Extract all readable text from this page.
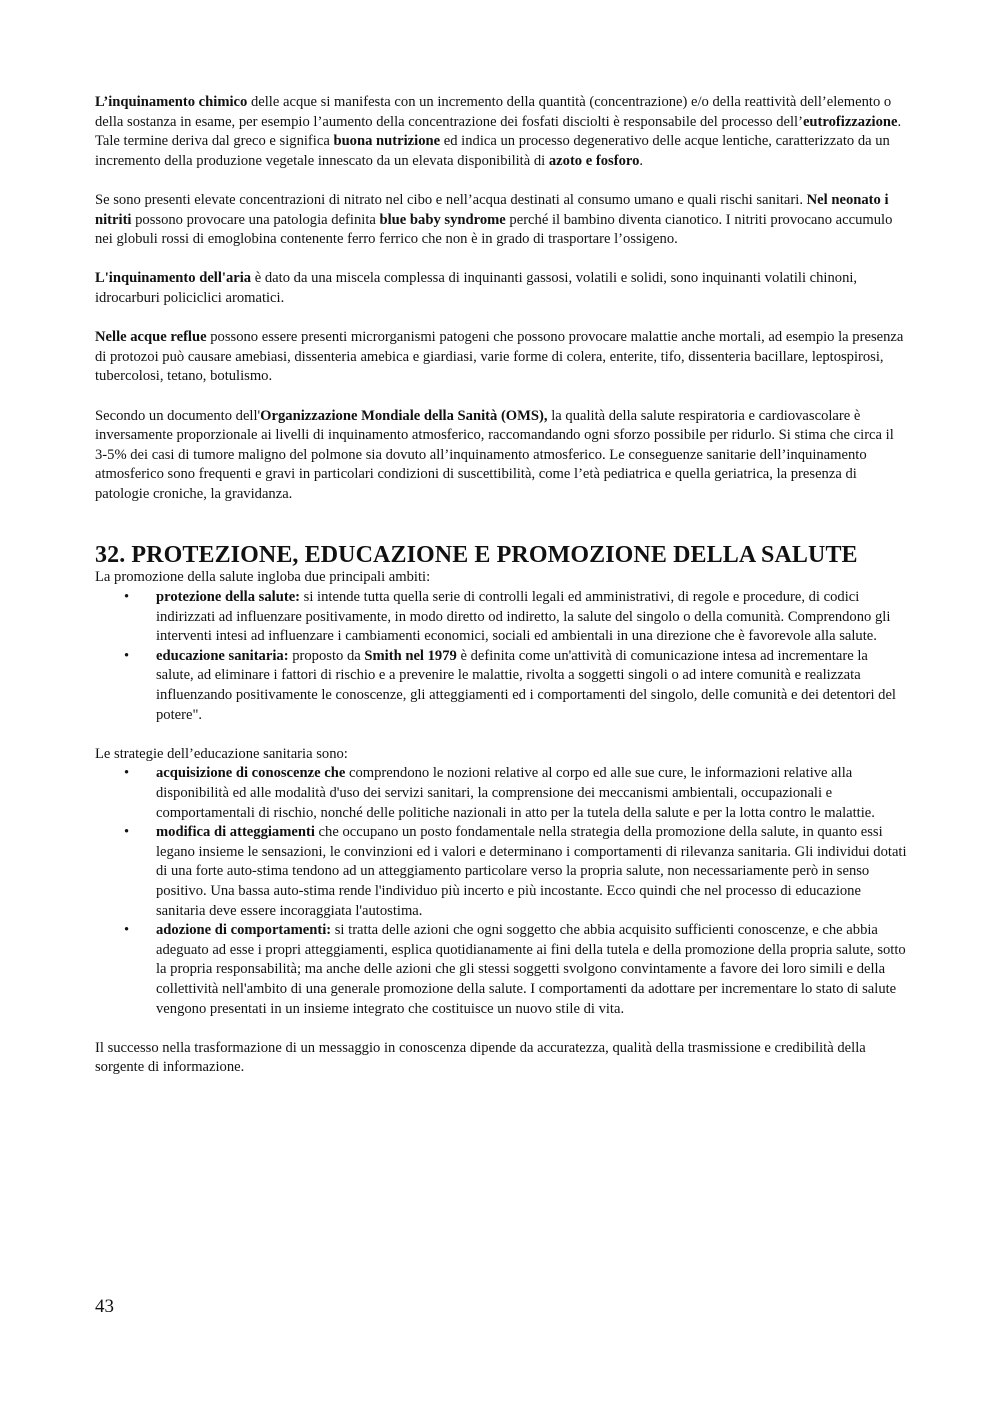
L’inquinamento chimico delle acque si manifesta con un incremento della quantità (concentrazione) e/o della reattività dell’elemento o della sostanza in esame, per esempio l’aumento della concentrazione dei fosfati disciolti è responsabile del processo dell’eutrofizzazione. Tale termine deriva dal greco e significa buona nutrizione ed indica un processo degenerativo delle acque lentiche, caratterizzato da un incremento della produzione vegetale innescato da un elevata disponibilità di azoto e fosforo.

Se sono presenti elevate concentrazioni di nitrato nel cibo e nell’acqua destinati al consumo umano e quali rischi sanitari. Nel neonato i nitriti possono provocare una patologia definita blue baby syndrome perché il bambino diventa cianotico. I nitriti provocano accumulo nei globuli rossi di emoglobina contenente ferro ferrico che non è in grado di trasportare l’ossigeno.

L'inquinamento dell'aria è dato da una miscela complessa di inquinanti gassosi, volatili e solidi, sono inquinanti volatili chinoni, idrocarburi policiclici aromatici.

Nelle acque reflue possono essere presenti microrganismi patogeni che possono provocare malattie anche mortali, ad esempio la presenza di protozoi può causare amebiasi, dissenteria amebica e giardiasi, varie forme di colera, enterite, tifo, dissenteria bacillare, leptospirosi, tubercolosi, tetano, botulismo.

Secondo un documento dell'Organizzazione Mondiale della Sanità (OMS), la qualità della salute respiratoria e cardiovascolare è inversamente proporzionale ai livelli di inquinamento atmosferico, raccomandando ogni sforzo possibile per ridurlo. Si stima che circa il 3-5% dei casi di tumore maligno del polmone sia dovuto all’inquinamento atmosferico. Le conseguenze sanitarie dell’inquinamento atmosferico sono frequenti e gravi in particolari condizioni di suscettibilità, come l’età pediatrica e quella geriatrica, la presenza di patologie croniche, la gravidanza.

32. PROTEZIONE, EDUCAZIONE E PROMOZIONE DELLA SALUTE

La promozione della salute ingloba due principali ambiti:

• protezione della salute: si intende tutta quella serie di controlli legali ed amministrativi, di regole e procedure, di codici indirizzati ad influenzare positivamente, in modo diretto od indiretto, la salute del singolo o della comunità. Comprendono gli interventi intesi ad influenzare i cambiamenti economici, sociali ed ambientali in una direzione che è favorevole alla salute.
• educazione sanitaria: proposto da Smith nel 1979 è definita come un'attività di comunicazione intesa ad incrementare la salute, ad eliminare i fattori di rischio e a prevenire le malattie, rivolta a soggetti singoli o ad intere comunità e realizzata influenzando positivamente le conoscenze, gli atteggiamenti ed i comportamenti del singolo, delle comunità e dei detentori del potere".

Le strategie dell’educazione sanitaria sono:

• acquisizione di conoscenze che comprendono le nozioni relative al corpo ed alle sue cure, le informazioni relative alla disponibilità ed alle modalità d'uso dei servizi sanitari, la comprensione dei meccanismi ambientali, occupazionali e comportamentali di rischio, nonché delle politiche nazionali in atto per la tutela della salute e per la lotta contro le malattie.
• modifica di atteggiamenti che occupano un posto fondamentale nella strategia della promozione della salute, in quanto essi legano insieme le sensazioni, le convinzioni ed i valori e determinano i comportamenti di rilevanza sanitaria. Gli individui dotati di una forte auto-stima tendono ad un atteggiamento particolare verso la propria salute, non necessariamente però in senso positivo. Una bassa auto-stima rende l'individuo più incerto e più incostante. Ecco quindi che nel processo di educazione sanitaria deve essere incoraggiata l'autostima.
• adozione di comportamenti: si tratta delle azioni che ogni soggetto che abbia acquisito sufficienti conoscenze, e che abbia adeguato ad esse i propri atteggiamenti, esplica quotidianamente ai fini della tutela e della promozione della propria salute, sotto la propria responsabilità; ma anche delle azioni che gli stessi soggetti svolgono convintamente a favore dei loro simili e della collettività nell'ambito di una generale promozione della salute. I comportamenti da adottare per incrementare lo stato di salute vengono presentati in un insieme integrato che costituisce un nuovo stile di vita.

Il successo nella trasformazione di un messaggio in conoscenza dipende da accuratezza, qualità della trasmissione e credibilità della sorgente di informazione.

43
